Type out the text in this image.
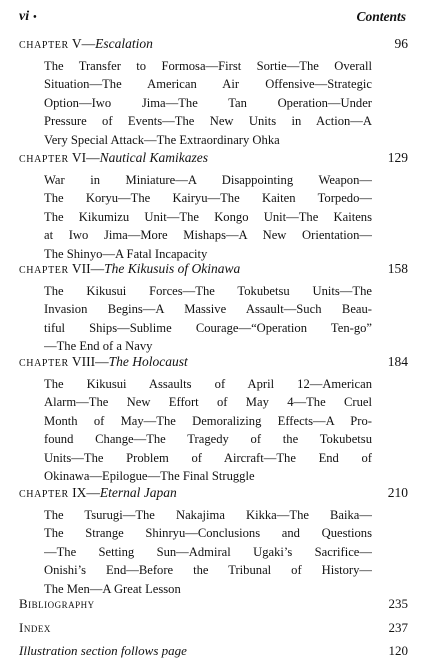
vi •	Contents
CHAPTER V—Escalation	96
The Transfer to Formosa—First Sortie—The Overall
Situation—The American Air Offensive—Strategic
Option—Iwo Jima—The Tan Operation—Under
Pressure of Events—The New Units in Action—A
Very Special Attack—The Extraordinary Ohka
CHAPTER VI—Nautical Kamikazes	129
War in Miniature—A Disappointing Weapon—
The Koryu—The Kairyu—The Kaiten Torpedo—
The Kikumizu Unit—The Kongo Unit—The Kaitens
at Iwo Jima—More Mishaps—A New Orientation—
The Shinyo—A Fatal Incapacity
CHAPTER VII—The Kikusuis of Okinawa	158
The Kikusui Forces—The Tokubetsu Units—The
Invasion Begins—A Massive Assault—Such Beau-
tiful Ships—Sublime Courage—“Operation Ten-go”
—The End of a Navy
CHAPTER VIII—The Holocaust	184
The Kikusui Assaults of April 12—American
Alarm—The New Effort of May 4—The Cruel
Month of May—The Demoralizing Effects—A Pro-
found Change—The Tragedy of the Tokubetsu
Units—The Problem of Aircraft—The End of
Okinawa—Epilogue—The Final Struggle
CHAPTER IX—Eternal Japan	210
The Tsurugi—The Nakajima Kikka—The Baika—
The Strange Shinryu—Conclusions and Questions
—The Setting Sun—Admiral Ugaki’s Sacrifice—
Onishi’s End—Before the Tribunal of History—
The Men—A Great Lesson
Bibliography	235
Index	237
Illustration section follows page	120
